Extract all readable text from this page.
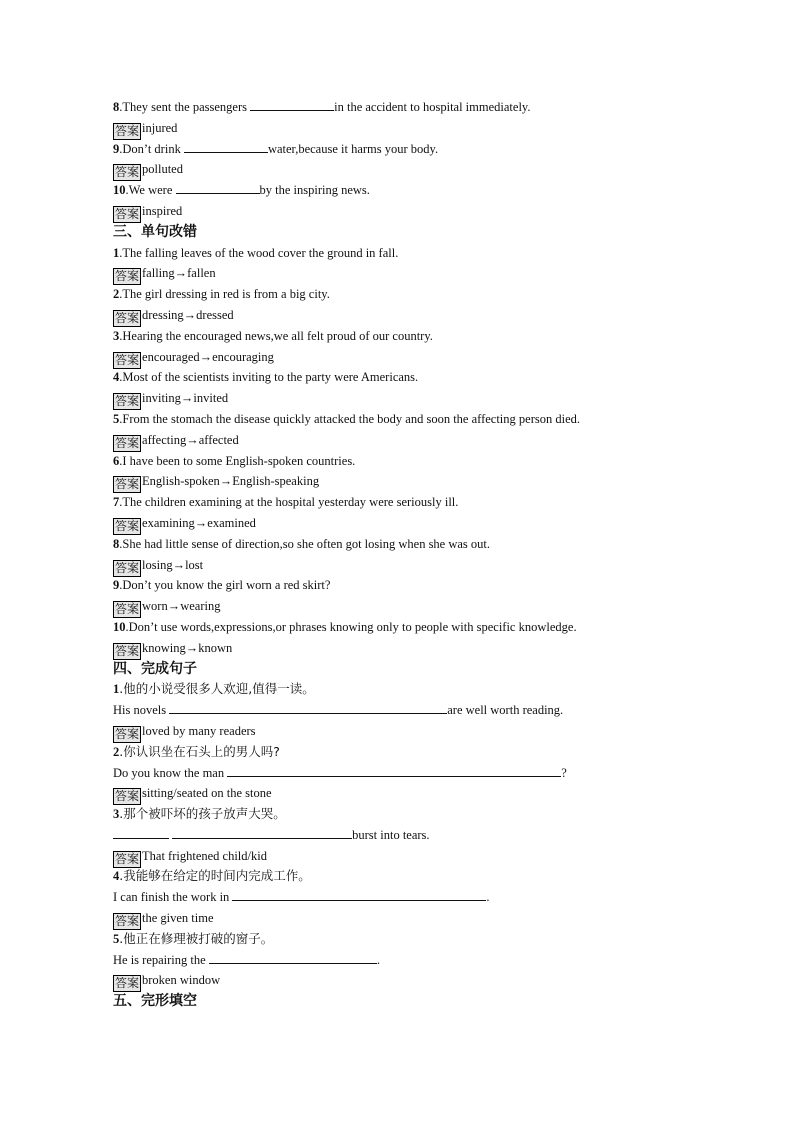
8.They sent the passengers	in the accident to hospital immediately.
答案 injured
9.Don’t drink	water,because it harms your body.
答案 polluted
10.We were	by the inspiring news.
答案 inspired
三、单句改错
1.The falling leaves of the wood cover the ground in fall.
答案 falling→fallen
2.The girl dressing in red is from a big city.
答案 dressing→dressed
3.Hearing the encouraged news,we all felt proud of our country.
答案 encouraged→encouraging
4.Most of the scientists inviting to the party were Americans.
答案 inviting→invited
5.From the stomach the disease quickly attacked the body and soon the affecting person died.
答案 affecting→affected
6.I have been to some English-spoken countries.
答案 English-spoken→English-speaking
7.The children examining at the hospital yesterday were seriously ill.
答案 examining→examined
8.She had little sense of direction,so she often got losing when she was out.
答案 losing→lost
9.Don’t you know the girl worn a red skirt?
答案 worn→wearing
10.Don’t use words,expressions,or phrases knowing only to people with specific knowledge.
答案 knowing→known
四、完成句子
1.他的小说受很多人欢迎,值得一读。
His novels	are well worth reading.
答案 loved by many readers
2.你认识坐在石头上的男人吗?
Do you know the man	?
答案 sitting/seated on the stone
3.那个被吓坏的孩子放声大哭。
burst into tears.
答案 That frightened child/kid
4.我能够在给定的时间内完成工作。
I can finish the work in	.
答案 the given time
5.他正在修理被打破的窗子。
He is repairing the	.
答案 broken window
五、完形填空
